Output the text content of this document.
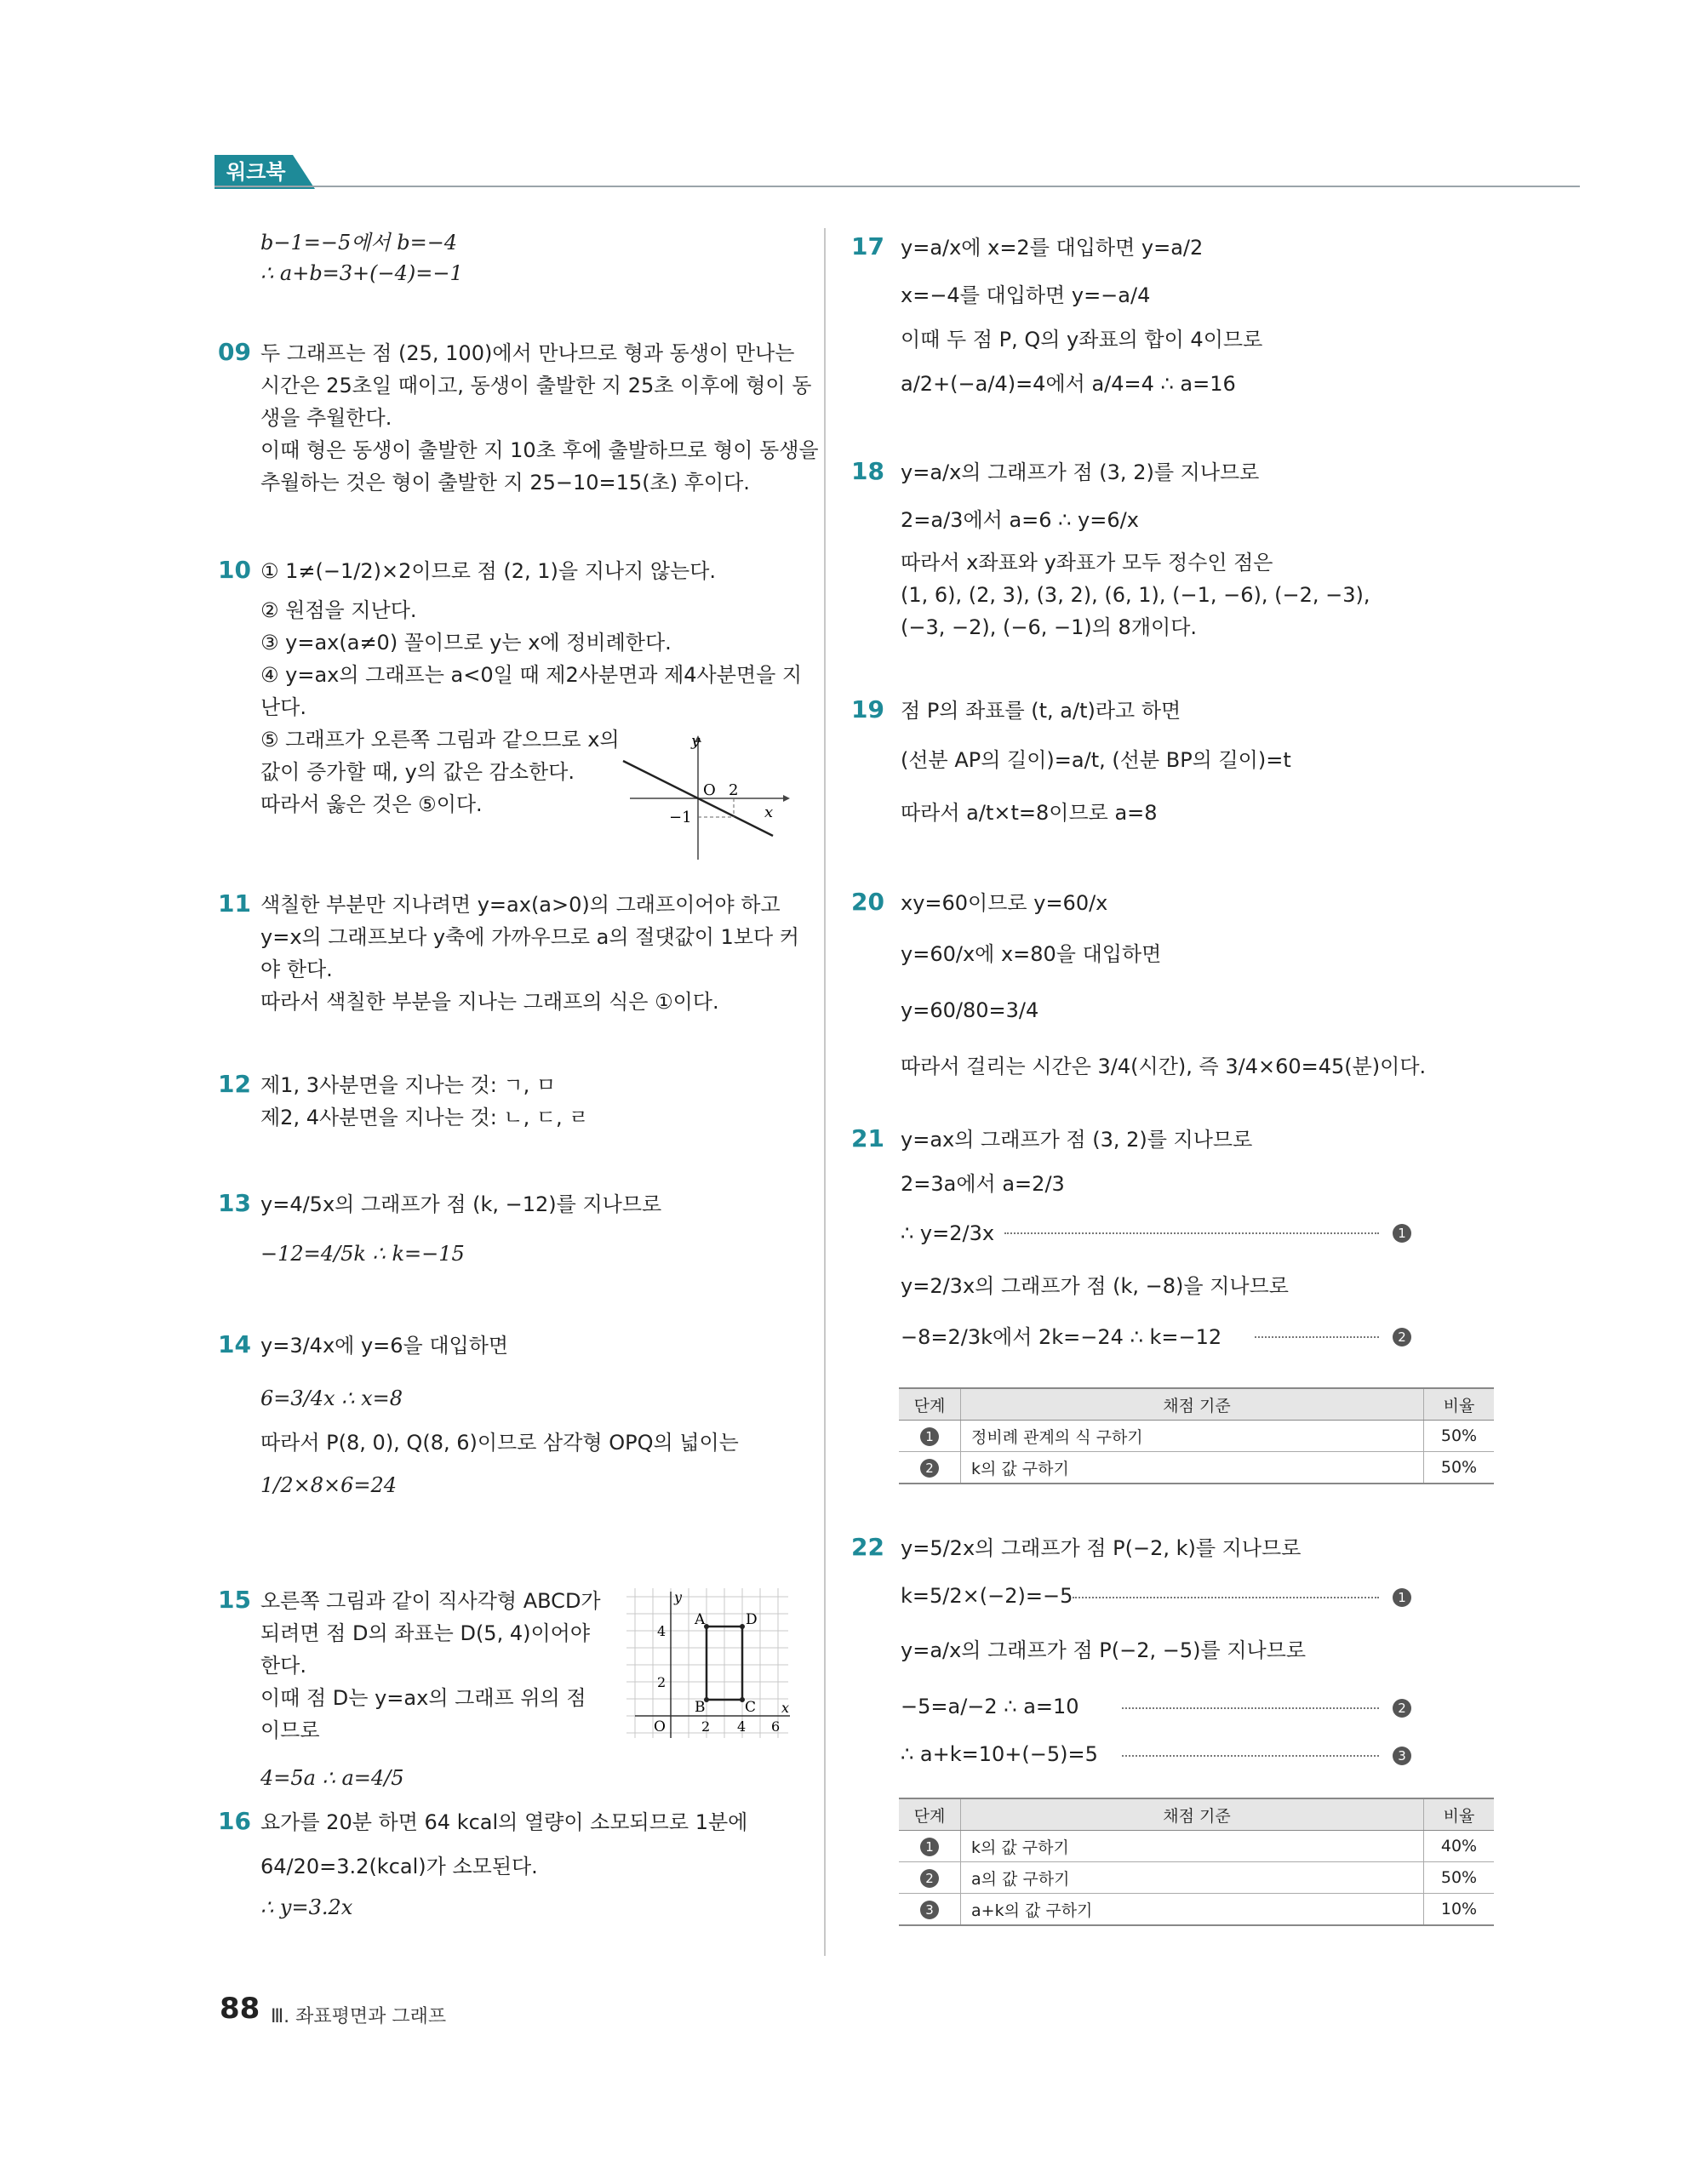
워크북
b−1=−5에서 b=−4
∴ a+b=3+(−4)=−1
09 두 그래프는 점 (25, 100)에서 만나므로 형과 동생이 만나는
시간은 25초일 때이고, 동생이 출발한 지 25초 이후에 형이 동
생을 추월한다.
이때 형은 동생이 출발한 지 10초 후에 출발하므로 형이 동생을
추월하는 것은 형이 출발한 지 25−10=15(초) 후이다.
10 ① 1≠(−1/2)×2이므로 점 (2, 1)을 지나지 않는다.
② 원점을 지난다.
③ y=ax(a≠0) 꼴이므로 y는 x에 정비례한다.
④ y=ax의 그래프는 a<0일 때 제2사분면과 제4사분면을 지
난다.
⑤ 그래프가 오른쪽 그림과 같으므로 x의
값이 증가할 때, y의 값은 감소한다.
따라서 옳은 것은 ⑤이다.
y
x
O 2
−1
11 색칠한 부분만 지나려면 y=ax(a>0)의 그래프이어야 하고
y=x의 그래프보다 y축에 가까우므로 a의 절댓값이 1보다 커
야 한다.
따라서 색칠한 부분을 지나는 그래프의 식은 ①이다.
12 제1, 3사분면을 지나는 것: ㄱ, ㅁ
제2, 4사분면을 지나는 것: ㄴ, ㄷ, ㄹ
13 y=4/5x의 그래프가 점 (k, −12)를 지나므로
−12=4/5k ∴ k=−15
14 y=3/4x에 y=6을 대입하면
6=3/4x ∴ x=8
따라서 P(8, 0), Q(8, 6)이므로 삼각형 OPQ의 넓이는
1/2×8×6=24
15 오른쪽 그림과 같이 직사각형 ABCD가
되려면 점 D의 좌표는 D(5, 4)이어야
한다.
이때 점 D는 y=ax의 그래프 위의 점
이므로
4=5a ∴ a=4/5
y
x
O	2 4 6
2
4
A
B	C
D
16 요가를 20분 하면 64 kcal의 열량이 소모되므로 1분에
64/20=3.2(kcal)가 소모된다.
∴ y=3.2x
17 y=a/x에 x=2를 대입하면 y=a/2
x=−4를 대입하면 y=−a/4
이때 두 점 P, Q의 y좌표의 합이 4이므로
a/2+(−a/4)=4에서 a/4=4 ∴ a=16
18 y=a/x의 그래프가 점 (3, 2)를 지나므로
2=a/3에서 a=6 ∴ y=6/x
따라서 x좌표와 y좌표가 모두 정수인 점은
(1, 6), (2, 3), (3, 2), (6, 1), (−1, −6), (−2, −3),
(−3, −2), (−6, −1)의 8개이다.
19 점 P의 좌표를 (t, a/t)라고 하면
(선분 AP의 길이)=a/t, (선분 BP의 길이)=t
따라서 a/t×t=8이므로 a=8
20 xy=60이므로 y=60/x
y=60/x에 x=80을 대입하면
y=60/80=3/4
따라서 걸리는 시간은 3/4(시간), 즉 3/4×60=45(분)이다.
21 y=ax의 그래프가 점 (3, 2)를 지나므로
2=3a에서 a=2/3
∴ y=2/3x	1
y=2/3x의 그래프가 점 (k, −8)을 지나므로
−8=2/3k에서 2k=−24 ∴ k=−12	2
단계	채점 기준	비율
1	정비례 관계의 식 구하기	50%
2	k의 값 구하기	50%
22 y=5/2x의 그래프가 점 P(−2, k)를 지나므로
k=5/2×(−2)=−5	1
y=a/x의 그래프가 점 P(−2, −5)를 지나므로
−5=a/−2 ∴ a=10	2
∴ a+k=10+(−5)=5	3
단계	채점 기준	비율
1	k의 값 구하기	40%
2	a의 값 구하기	50%
3	a+k의 값 구하기	10%
88 Ⅲ. 좌표평면과 그래프
